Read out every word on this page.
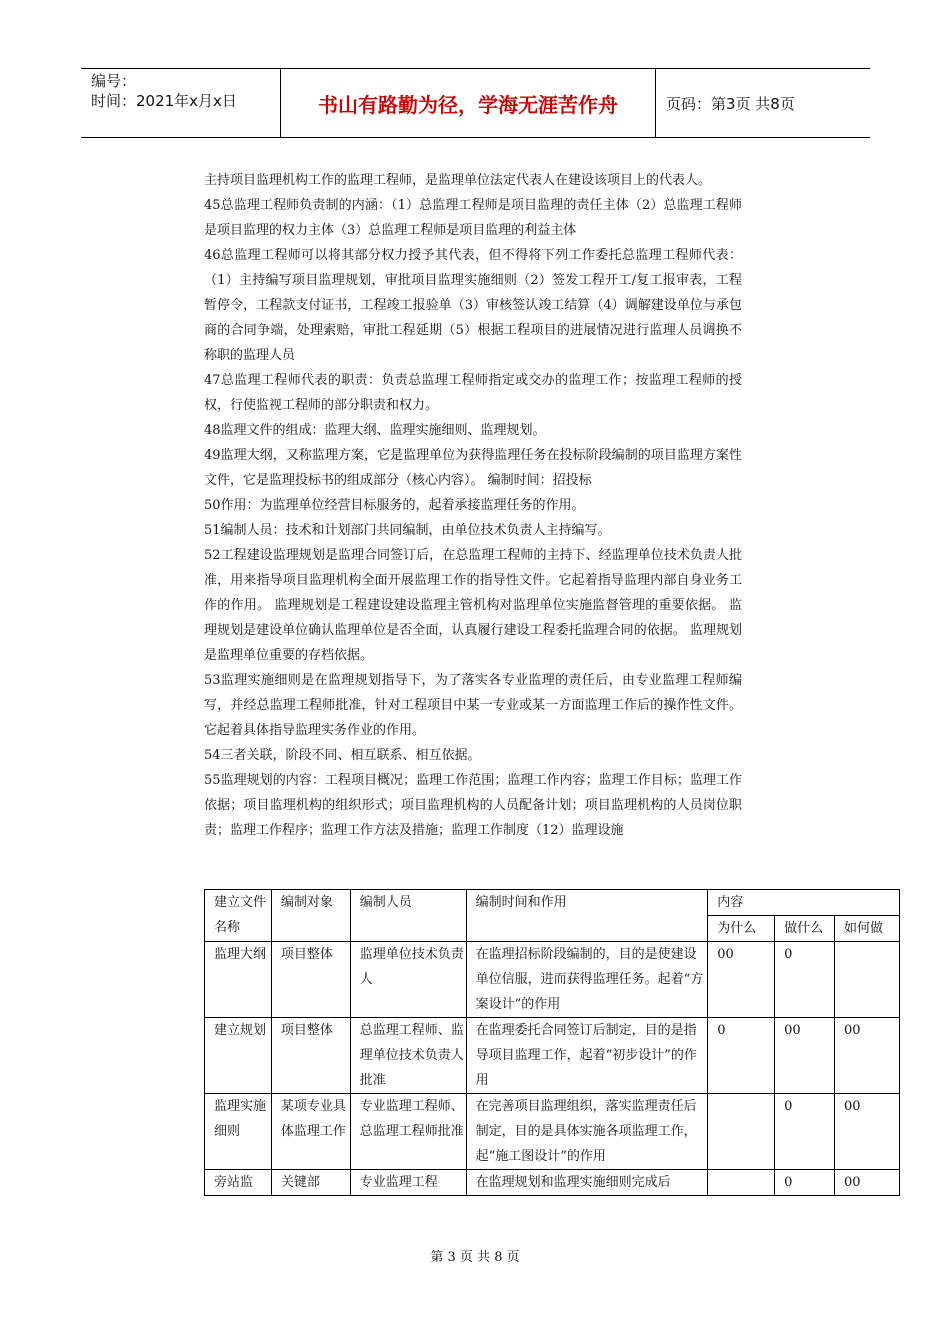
编号：
时间：2021年x月x日	书山有路勤为径，学海无涯苦作舟	页码：第3页 共8页

主持项目监理机构工作的监理工程师，是监理单位法定代表人在建设该项目上的代表人。

45总监理工程师负责制的内涵：（1）总监理工程师是项目监理的责任主体（2）总监理工程师是项目监理的权力主体（3）总监理工程师是项目监理的利益主体

46总监理工程师可以将其部分权力授予其代表，但不得将下列工作委托总监理工程师代表：（1）主持编写项目监理规划，审批项目监理实施细则（2）签发工程开工/复工报审表，工程暂停令，工程款支付证书，工程竣工报验单（3）审核签认竣工结算（4）调解建设单位与承包商的合同争端，处理索赔，审批工程延期（5）根据工程项目的进展情况进行监理人员调换不称职的监理人员

47总监理工程师代表的职责：负责总监理工程师指定或交办的监理工作；按监理工程师的授权，行使监视工程师的部分职责和权力。

48监理文件的组成：监理大纲、监理实施细则、监理规划。

49监理大纲，又称监理方案，它是监理单位为获得监理任务在投标阶段编制的项目监理方案性文件，它是监理投标书的组成部分（核心内容）。 编制时间：招投标

50作用：为监理单位经营目标服务的，起着承接监理任务的作用。

51编制人员：技术和计划部门共同编制，由单位技术负责人主持编写。

52工程建设监理规划是监理合同签订后，在总监理工程师的主持下、经监理单位技术负责人批准，用来指导项目监理机构全面开展监理工作的指导性文件。它起着指导监理内部自身业务工作的作用。 监理规划是工程建设建设监理主管机构对监理单位实施监督管理的重要依据。 监理规划是建设单位确认监理单位是否全面，认真履行建设工程委托监理合同的依据。 监理规划是监理单位重要的存档依据。

53监理实施细则是在监理规划指导下，为了落实各专业监理的责任后，由专业监理工程师编写，并经总监理工程师批准，针对工程项目中某一专业或某一方面监理工作后的操作性文件。它起着具体指导监理实务作业的作用。

54三者关联，阶段不同、相互联系、相互依据。

55监理规划的内容：工程项目概况；监理工作范围；监理工作内容；监理工作目标；监理工作依据；项目监理机构的组织形式；项目监理机构的人员配备计划；项目监理机构的人员岗位职责；监理工作程序；监理工作方法及措施；监理工作制度（12）监理设施

建立文件名称	编制对象	编制人员	编制时间和作用	内容		
				为什么	做什么	如何做
监理大纲	项目整体	监理单位技术负责人	在监理招标阶段编制的，目的是使建设单位信服，进而获得监理任务。起着“方案设计”的作用	00	0	
建立规划	项目整体	总监理工程师、监理单位技术负责人批准	在监理委托合同签订后制定，目的是指导项目监理工作，起着“初步设计”的作用	0	00	00
监理实施细则	某项专业具体监理工作	专业监理工程师、总监理工程师批准	在完善项目监理组织，落实监理责任后制定，目的是具体实施各项监理工作，起“施工图设计”的作用		0	00
旁站监	关键部	专业监理工程	在监理规划和监理实施细则完成后		0	00
第 3 页 共 8 页
